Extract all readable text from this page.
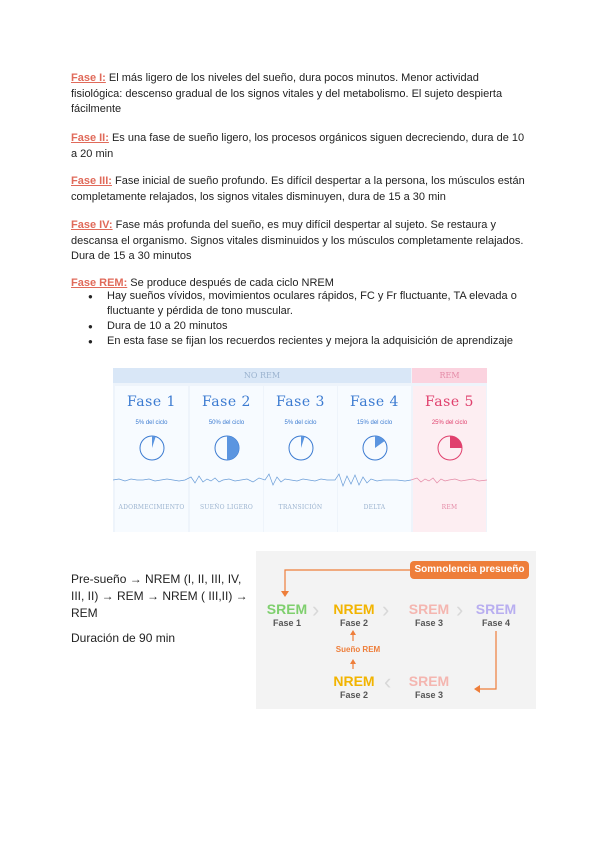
Fase I: El más ligero de los niveles del sueño, dura pocos minutos. Menor actividad fisiológica: descenso gradual de los signos vitales y del metabolismo. El sujeto despierta fácilmente
Fase II: Es una fase de sueño ligero, los procesos orgánicos siguen decreciendo, dura de 10 a 20 min
Fase III: Fase inicial de sueño profundo. Es difícil despertar a la persona, los músculos están completamente relajados, los signos vitales disminuyen, dura de 15 a 30 min
Fase IV: Fase más profunda del sueño, es muy difícil despertar al sujeto. Se restaura y descansa el organismo. Signos vitales disminuidos y los músculos completamente relajados. Dura de 15 a 30 minutos
Fase REM: Se produce después de cada ciclo NREM
● Hay sueños vívidos, movimientos oculares rápidos, FC y Fr fluctuante, TA elevada o fluctuante y pérdida de tono muscular.
● Dura de 10 a 20 minutos
● En esta fase se fijan los recuerdos recientes y mejora la adquisición de aprendizaje
NO REM	REM
Fase 1
5% del ciclo
ADORMECIMIENTO
Fase 2
50% del ciclo
SUEÑO LIGERO
Fase 3
5% del ciclo
TRANSICIÓN
Fase 4
15% del ciclo
DELTA
Fase 5
25% del ciclo
REM
Pre-sueño → NREM (I, II, III, IV, III, II) → REM → NREM ( III,II) → REM
Duración de 90 min
Somnolencia presueño
SREM
Fase 1
›	NREM
Fase 2
›	SREM
Fase 3
› SREM
Fase 4
Sueño REM
NREM
Fase 2
‹	SREM
Fase 3
